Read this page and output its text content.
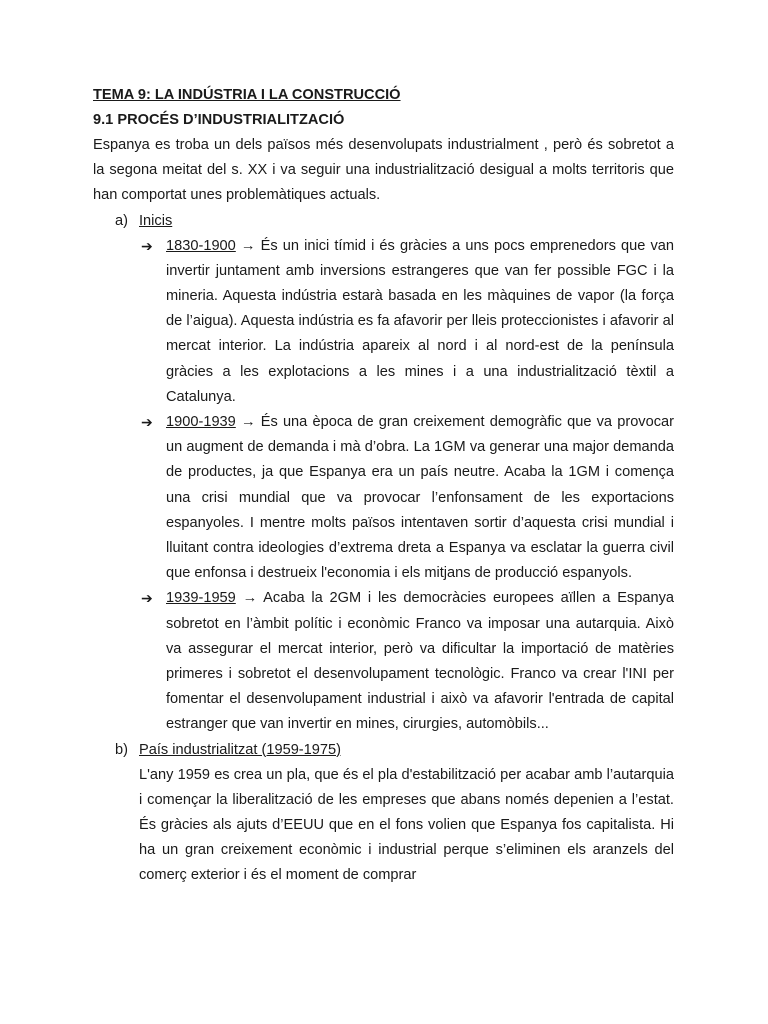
TEMA 9: LA INDÚSTRIA I LA CONSTRUCCIÓ

9.1 PROCÉS D’INDUSTRIALITZACIÓ

Espanya es troba un dels països més desenvolupats industrialment , però és sobretot a la segona meitat del s. XX i va seguir una industrialització desigual a molts territoris que han comportat unes problemàtiques actuals.

a) Inicis
➔ 1830-1900 → És un inici tímid i és gràcies a uns pocs emprenedors que van invertir juntament amb inversions estrangeres que van fer possible FGC i la mineria. Aquesta indústria estarà basada en les màquines de vapor (la força de l’aigua). Aquesta indústria es fa afavorir per lleis proteccionistes i afavorir al mercat interior. La indústria apareix al nord i al nord-est de la península gràcies a les explotacions a les mines i a una industrialització tèxtil a Catalunya.
➔ 1900-1939 → És una època de gran creixement demogràfic que va provocar un augment de demanda i mà d’obra. La 1GM va generar una major demanda de productes, ja que Espanya era un país neutre. Acaba la 1GM i comença una crisi mundial que va provocar l’enfonsament de les exportacions espanyoles. I mentre molts països intentaven sortir d’aquesta crisi mundial i lluitant contra ideologies d’extrema dreta a Espanya va esclatar la guerra civil que enfonsa i destrueix l'economia i els mitjans de producció espanyols.
➔ 1939-1959 → Acaba la 2GM i les democràcies europees aïllen a Espanya sobretot en l’àmbit polític i econòmic Franco va imposar una autarquia. Això va assegurar el mercat interior, però va dificultar la importació de matèries primeres i sobretot el desenvolupament tecnològic. Franco va crear l'INI per fomentar el desenvolupament industrial i això va afavorir l'entrada de capital estranger que van invertir en mines, cirurgies, automòbils...
b) País industrialitzat (1959-1975)

L'any 1959 es crea un pla, que és el pla d'estabilització per acabar amb l’autarquia i començar la liberalització de les empreses que abans només depenien a l’estat. És gràcies als ajuts d’EEUU que en el fons volien que Espanya fos capitalista. Hi ha un gran creixement econòmic i industrial perque s’eliminen els aranzels del comerç exterior i és el moment de comprar
